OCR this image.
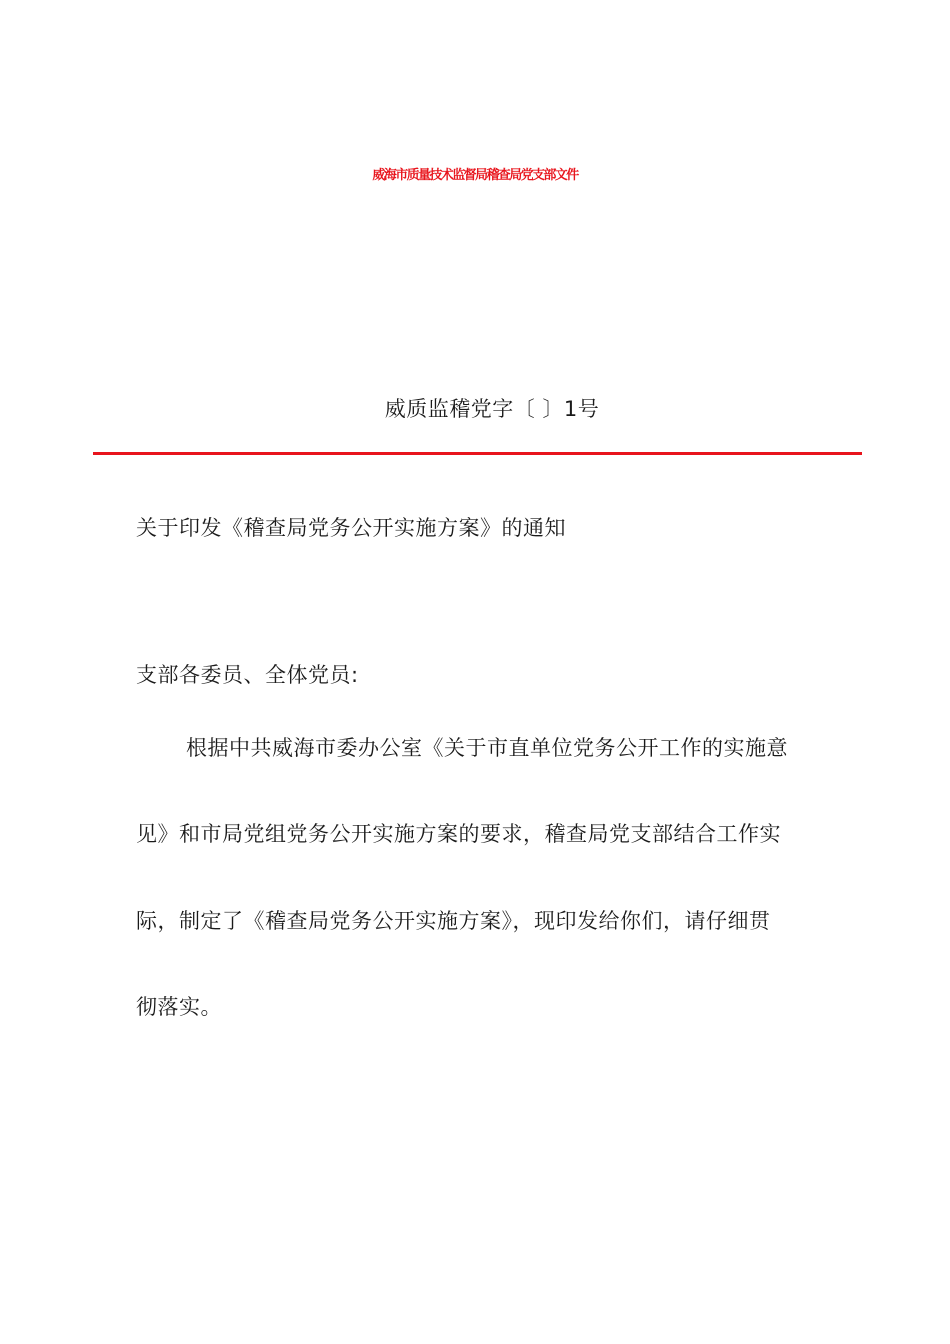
威海市质量技术监督局稽查局党支部文件
威质监稽党字〔 〕1号
关于印发《稽查局党务公开实施方案》的通知
支部各委员、全体党员:
根据中共威海市委办公室《关于市直单位党务公开工作的实施意
见》和市局党组党务公开实施方案的要求，稽查局党支部结合工作实
际，制定了《稽查局党务公开实施方案》，现印发给你们，请仔细贯
彻落实。
